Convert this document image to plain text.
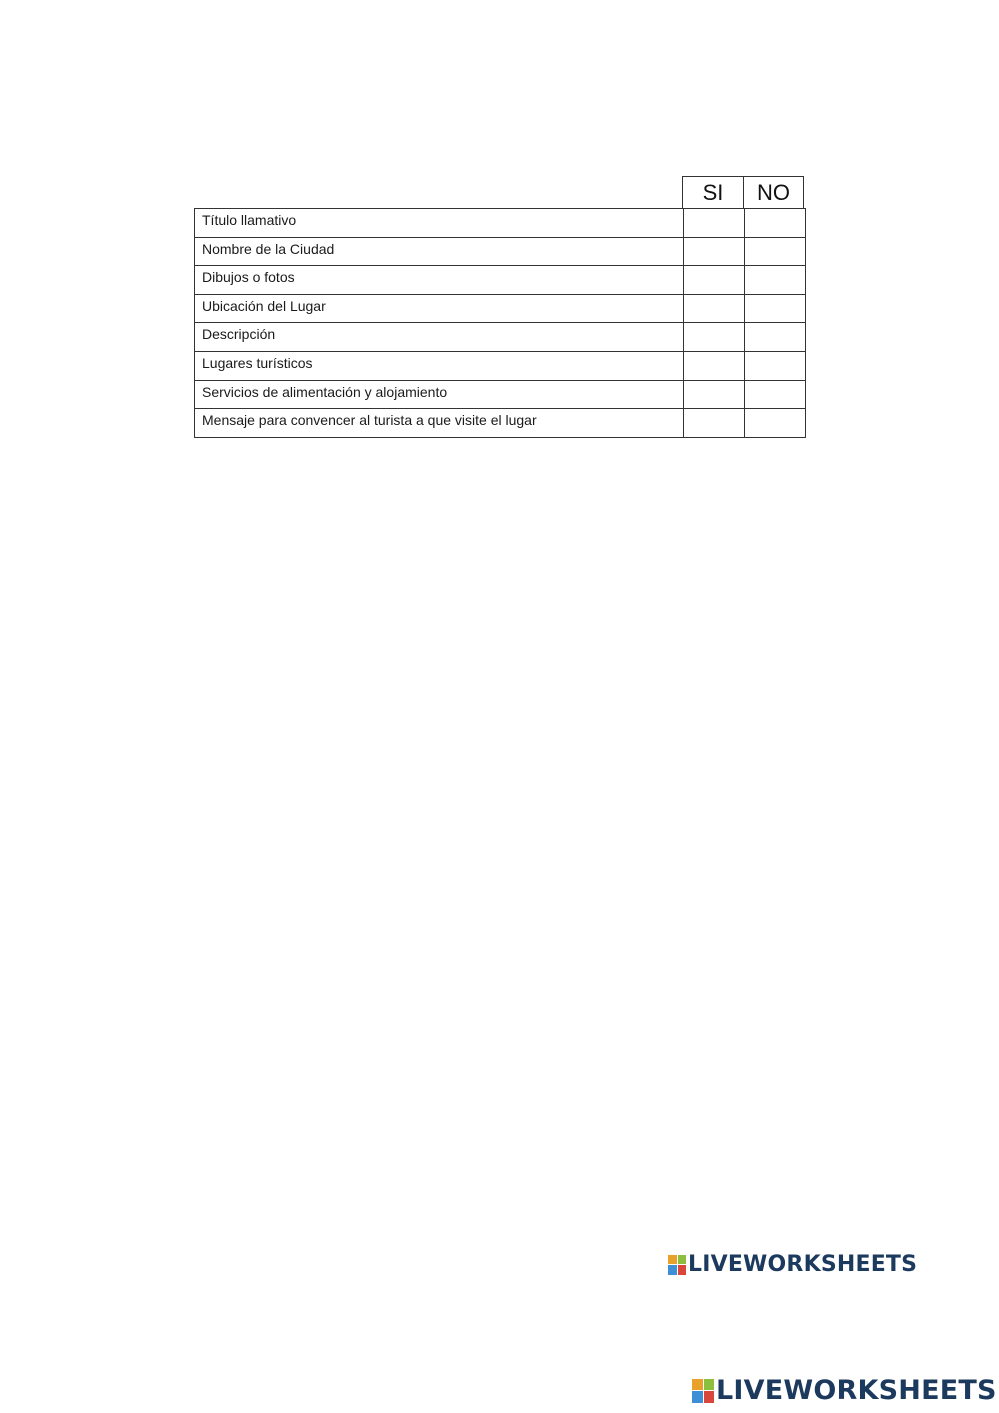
SI	NO
Título llamativo		
Nombre de la Ciudad		
Dibujos o fotos		
Ubicación del Lugar		
Descripción		
Lugares turísticos		
Servicios de alimentación y alojamiento		
Mensaje para convencer al turista a que visite el lugar		
LIVEWORKSHEETS
LIVEWORKSHEETS
